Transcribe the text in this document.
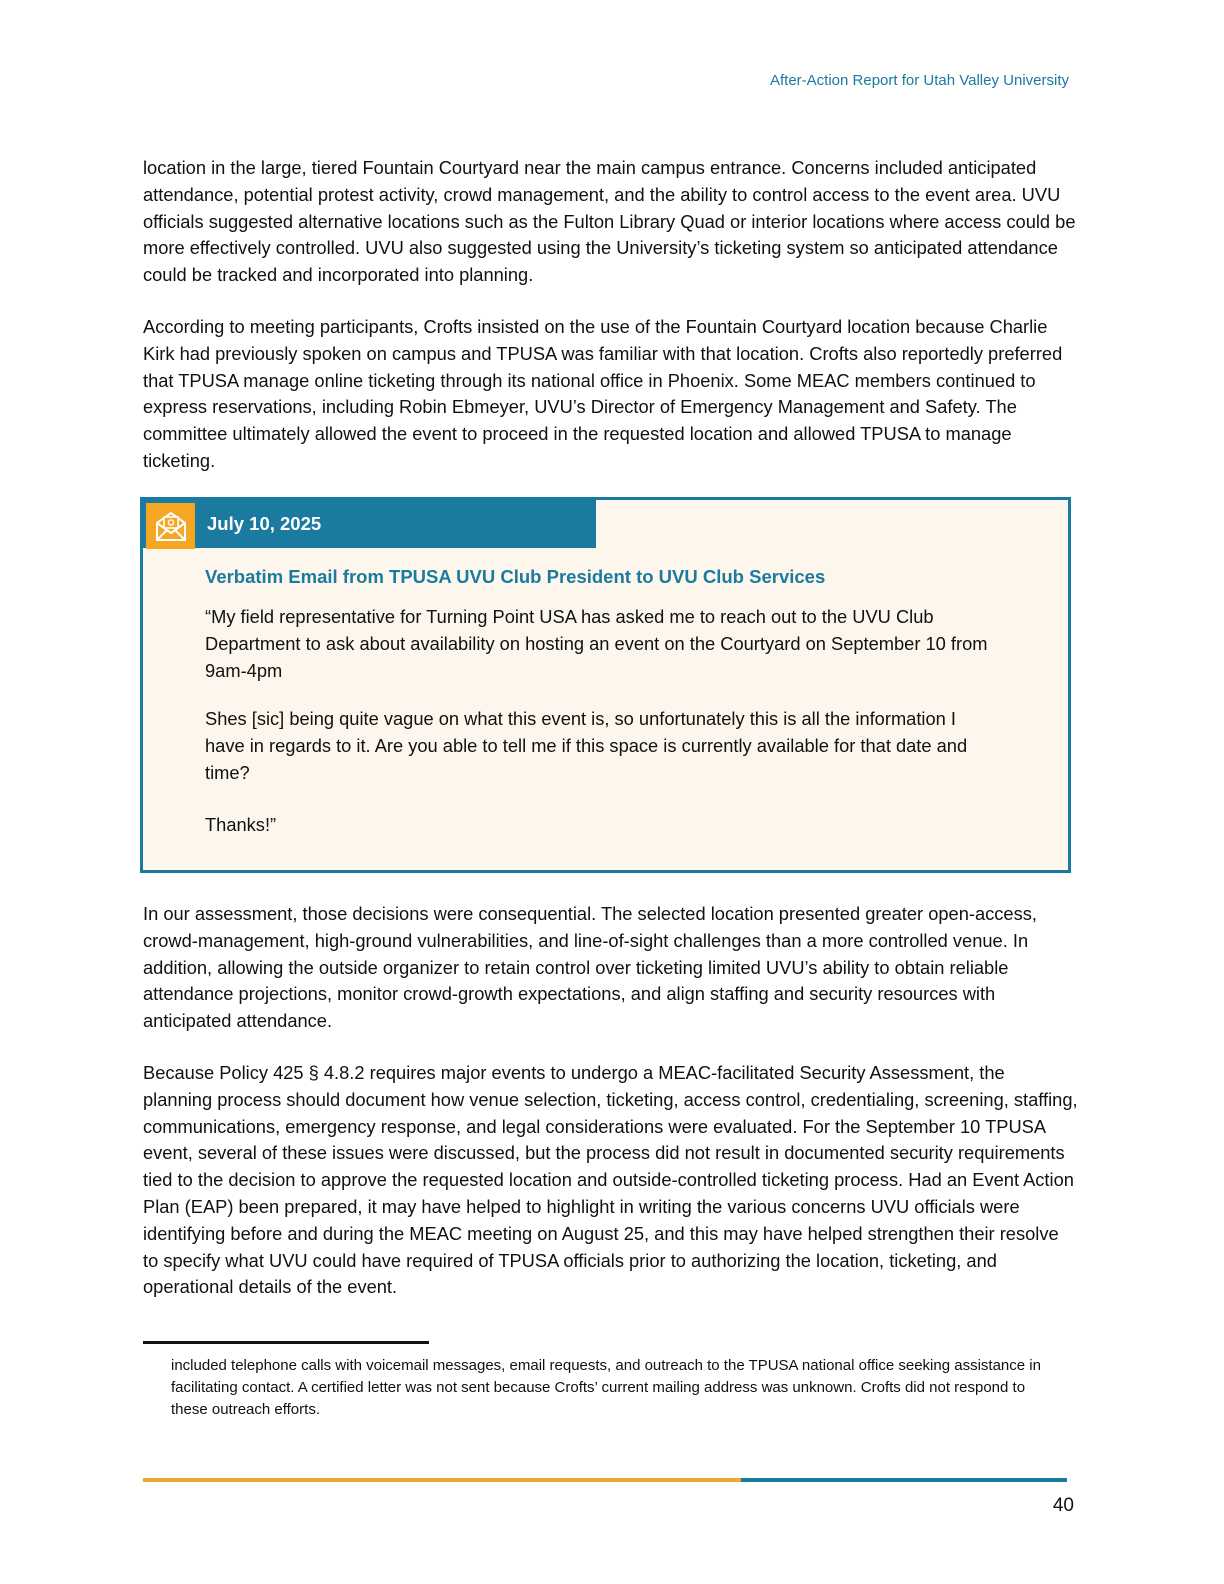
After-Action Report for Utah Valley University

location in the large, tiered Fountain Courtyard near the main campus entrance. Concerns included anticipated attendance, potential protest activity, crowd management, and the ability to control access to the event area. UVU officials suggested alternative locations such as the Fulton Library Quad or interior locations where access could be more effectively controlled. UVU also suggested using the University’s ticketing system so anticipated attendance could be tracked and incorporated into planning.

According to meeting participants, Crofts insisted on the use of the Fountain Courtyard location because Charlie Kirk had previously spoken on campus and TPUSA was familiar with that location. Crofts also reportedly preferred that TPUSA manage online ticketing through its national office in Phoenix. Some MEAC members continued to express reservations, including Robin Ebmeyer, UVU’s Director of Emergency Management and Safety. The committee ultimately allowed the event to proceed in the requested location and allowed TPUSA to manage ticketing.

July 10, 2025
Verbatim Email from TPUSA UVU Club President to UVU Club Services

“My field representative for Turning Point USA has asked me to reach out to the UVU Club Department to ask about availability on hosting an event on the Courtyard on September 10 from 9am-4pm

Shes [sic] being quite vague on what this event is, so unfortunately this is all the information I have in regards to it. Are you able to tell me if this space is currently available for that date and time?

Thanks!”

In our assessment, those decisions were consequential. The selected location presented greater open-access, crowd-management, high-ground vulnerabilities, and line-of-sight challenges than a more controlled venue. In addition, allowing the outside organizer to retain control over ticketing limited UVU’s ability to obtain reliable attendance projections, monitor crowd-growth expectations, and align staffing and security resources with anticipated attendance.

Because Policy 425 § 4.8.2 requires major events to undergo a MEAC-facilitated Security Assessment, the planning process should document how venue selection, ticketing, access control, credentialing, screening, staffing, communications, emergency response, and legal considerations were evaluated. For the September 10 TPUSA event, several of these issues were discussed, but the process did not result in documented security requirements tied to the decision to approve the requested location and outside-controlled ticketing process. Had an Event Action Plan (EAP) been prepared, it may have helped to highlight in writing the various concerns UVU officials were identifying before and during the MEAC meeting on August 25, and this may have helped strengthen their resolve to specify what UVU could have required of TPUSA officials prior to authorizing the location, ticketing, and operational details of the event.

included telephone calls with voicemail messages, email requests, and outreach to the TPUSA national office seeking assistance in facilitating contact. A certified letter was not sent because Crofts’ current mailing address was unknown. Crofts did not respond to these outreach efforts.

40
